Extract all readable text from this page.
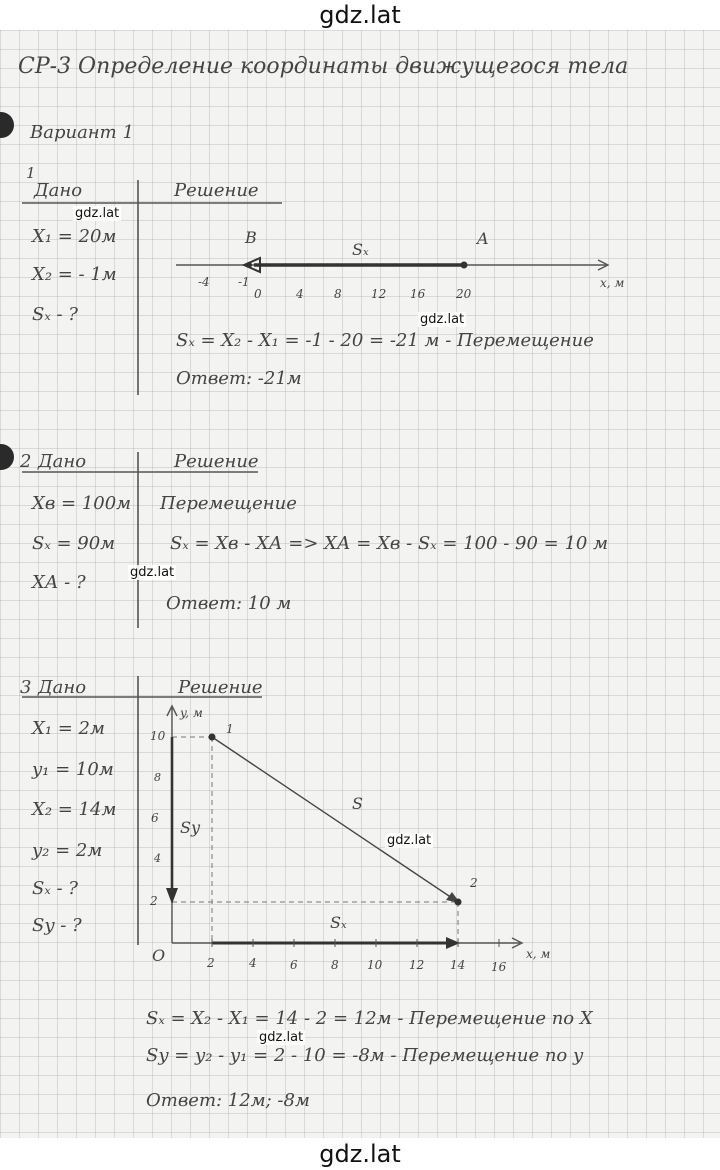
gdz.lat
СР-3 Определение координаты движущегося тела
Вариант 1
1
Дано	Решение
X₁ = 20м
X₂ = - 1м
Sₓ - ?
B	A
Sₓ
-4 -1
0	4	8 12 16	20
x, м
Sₓ = X₂ - X₁ = -1 - 20 = -21 м - Перемещение
Ответ: -21м
2 Дано	Решение
Xв = 100м
Sₓ = 90м
XА - ?
Перемещение
Sₓ = Xв - XА => XА = Xв - Sₓ = 100 - 90 = 10 м
Ответ: 10 м
3 Дано	Решение
X₁ = 2м
y₁ = 10м
X₂ = 14м
y₂ = 2м
Sₓ - ?
Sy - ?
y, м
x, м
O
10
8
6
4
2
2	4	6	8 10 12 14 16
1
2
S
Sy
Sₓ
Sₓ = X₂ - X₁ = 14 - 2 = 12м - Перемещение по X
Sy = y₂ - y₁ = 2 - 10 = -8м - Перемещение по y
Ответ: 12м; -8м
gdz.lat
gdz.lat
gdz.lat
gdz.lat
gdz.lat
gdz.lat
